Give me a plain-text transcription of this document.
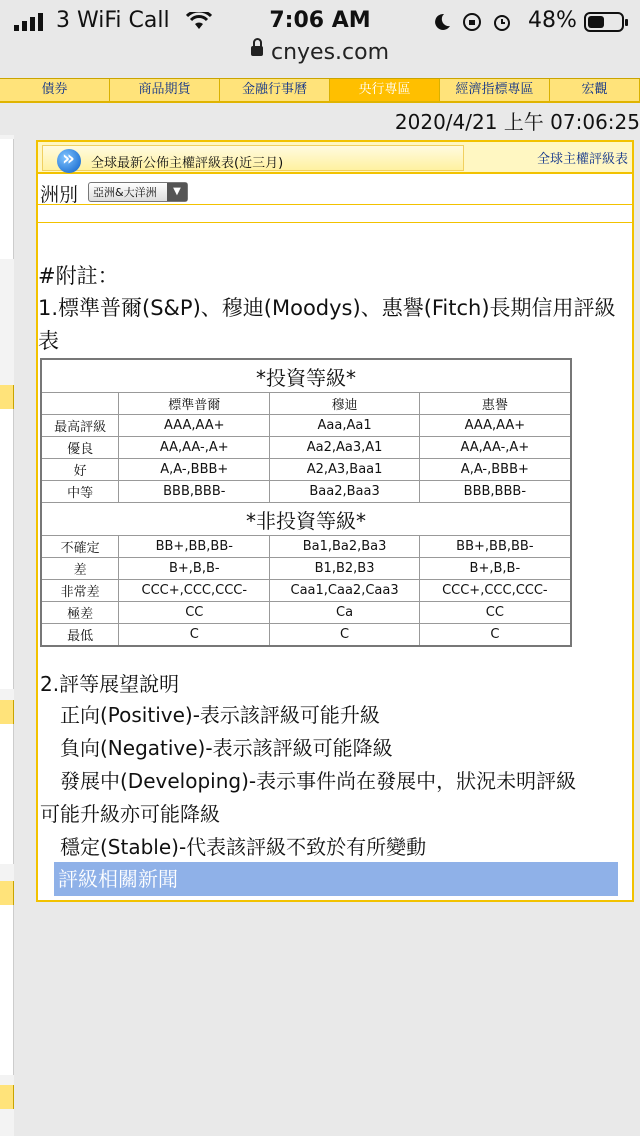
3 WiFi Call	7:06 AM	48%
cnyes.com
債券	商品期貨	金融行事曆	央行專區	經濟指標專區	宏觀
2020/4/21 上午 07:06:25
»
全球最新公佈主權評級表(近三月)	全球主權評級表
洲別	亞洲&大洋洲	▼
#附註：
1.標準普爾(S&P)、穆迪(Moodys)、惠譽(Fitch)長期信用評級表
*投資等級*			
	標準普爾	穆迪	惠譽
最高評級	AAA,AA+	Aaa,Aa1	AAA,AA+
優良	AA,AA-,A+	Aa2,Aa3,A1	AA,AA-,A+
好	A,A-,BBB+	A2,A3,Baa1	A,A-,BBB+
中等	BBB,BBB-	Baa2,Baa3	BBB,BBB-
*非投資等級*			
不確定	BB+,BB,BB-	Ba1,Ba2,Ba3	BB+,BB,BB-
差	B+,B,B-	B1,B2,B3	B+,B,B-
非常差	CCC+,CCC,CCC-	Caa1,Caa2,Caa3	CCC+,CCC,CCC-
極差	CC	Ca	CC
最低	C	C	C
2.評等展望說明
正向(Positive)-表示該評級可能升級
負向(Negative)-表示該評級可能降級
發展中(Developing)-表示事件尚在發展中，狀況未明評級
可能升級亦可能降級
穩定(Stable)-代表該評級不致於有所變動
評級相關新聞
